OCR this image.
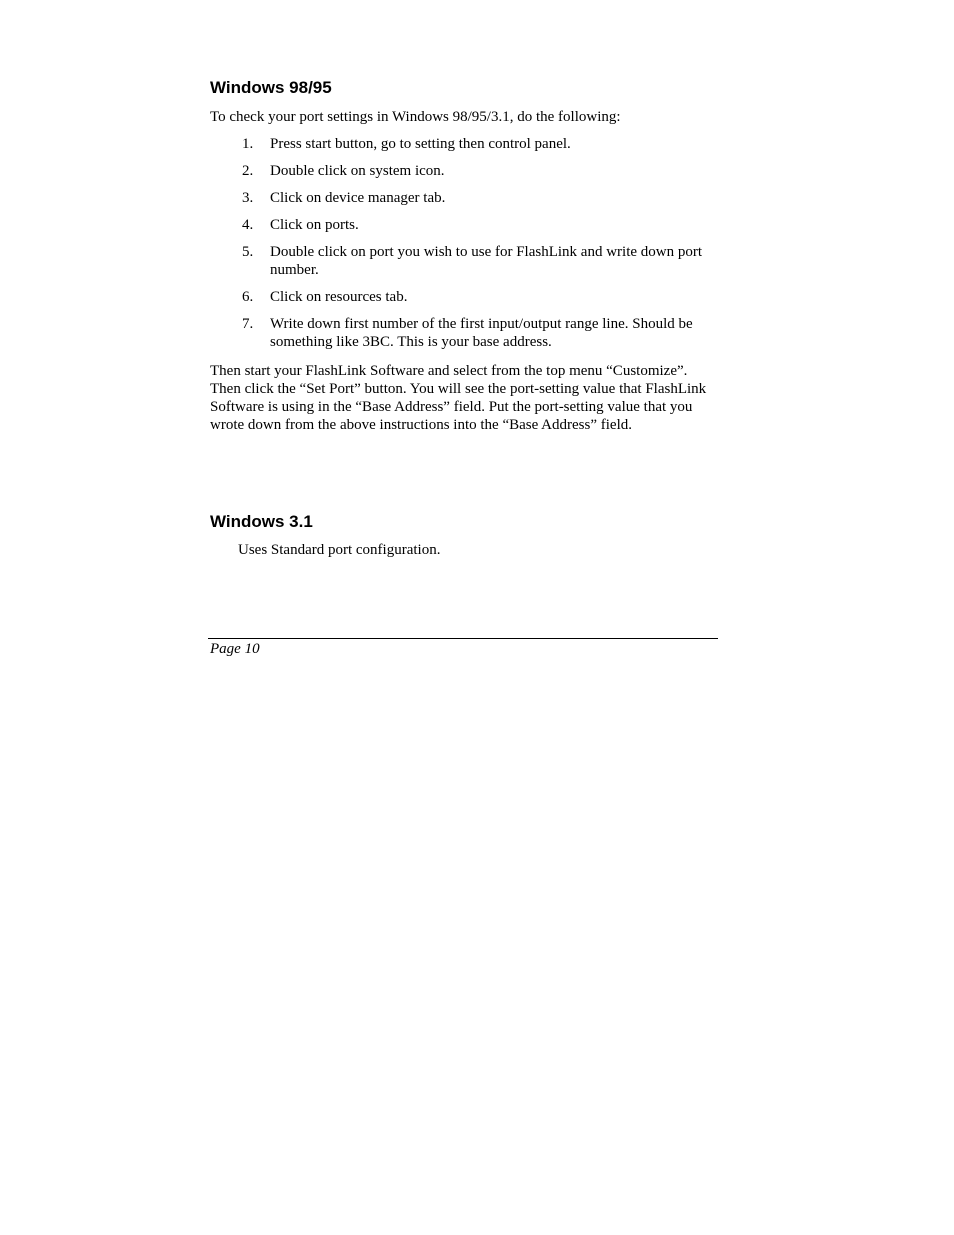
Windows 98/95

To check your port settings in Windows 98/95/3.1, do the following:

1. Press start button, go to setting then control panel.
2. Double click on system icon.
3. Click on device manager tab.
4. Click on ports.
5. Double click on port you wish to use for FlashLink and write down port number.
6. Click on resources tab.
7. Write down first number of the first input/output range line. Should be something like 3BC. This is your base address.

Then start your FlashLink Software and select from the top menu “Customize”. Then click the “Set Port” button. You will see the port-setting value that FlashLink Software is using in the “Base Address” field. Put the port-setting value that you wrote down from the above instructions into the “Base Address” field.

Windows 3.1

Uses Standard port configuration.

Page 10
